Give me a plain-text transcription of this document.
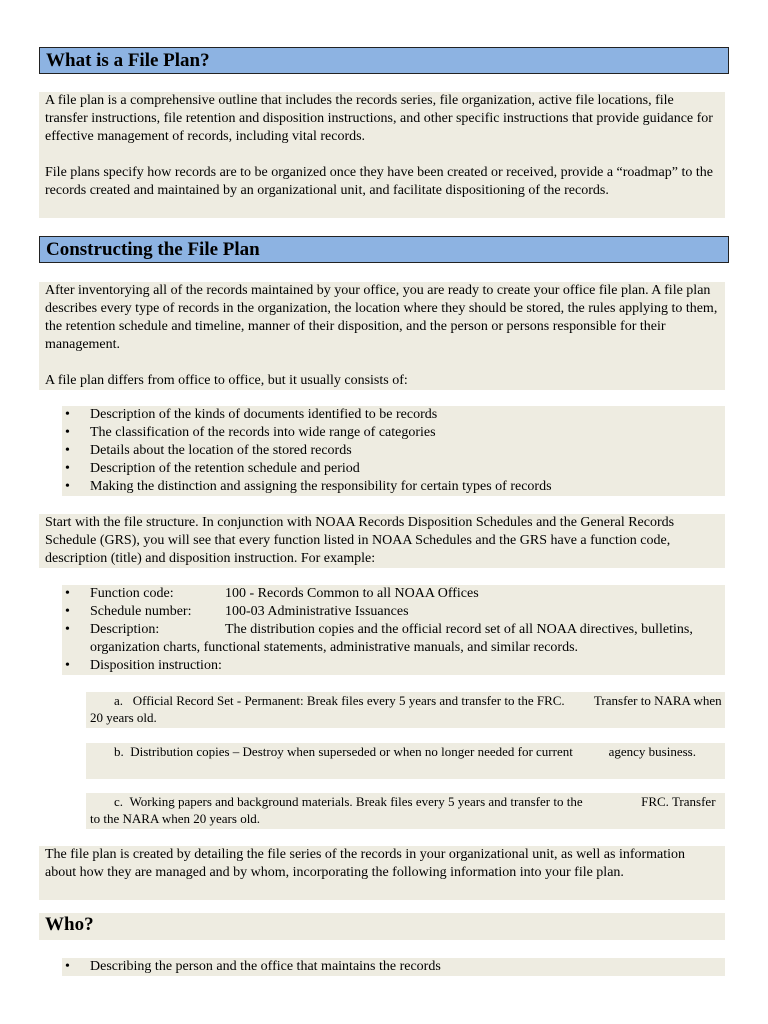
What is a File Plan?

A file plan is a comprehensive outline that includes the records series, file organization, active file locations, file transfer instructions, file retention and disposition instructions, and other specific instructions that provide guidance for effective management of records, including vital records.

File plans specify how records are to be organized once they have been created or received, provide a “roadmap” to the records created and maintained by an organizational unit, and facilitate dispositioning of the records.

Constructing the File Plan

After inventorying all of the records maintained by your office, you are ready to create your office file plan. A file plan describes every type of records in the organization, the location where they should be stored, the rules applying to them, the retention schedule and timeline, manner of their disposition, and the person or persons responsible for their management.

A file plan differs from office to office, but it usually consists of:

• Description of the kinds of documents identified to be records
• The classification of the records into wide range of categories
• Details about the location of the stored records
• Description of the retention schedule and period
• Making the distinction and assigning the responsibility for certain types of records

Start with the file structure. In conjunction with NOAA Records Disposition Schedules and the General Records Schedule (GRS), you will see that every function listed in NOAA Schedules and the GRS have a function code, description (title) and disposition instruction. For example:

• Function code:	100 - Records Common to all NOAA Offices
• Schedule number: 100-03 Administrative Issuances
• Description:	The distribution copies and the official record set of all NOAA directives, bulletins, organization charts, functional statements, administrative manuals, and similar records.
• Disposition instruction:

a. Official Record Set - Permanent: Break files every 5 years and transfer to the FRC. Transfer to NARA when 20 years old.

b. Distribution copies – Destroy when superseded or when no longer needed for current	agency business.

c. Working papers and background materials. Break files every 5 years and transfer to the	FRC. Transfer to the NARA when 20 years old.

The file plan is created by detailing the file series of the records in your organizational unit, as well as information about how they are managed and by whom, incorporating the following information into your file plan.

Who?
• Describing the person and the office that maintains the records
